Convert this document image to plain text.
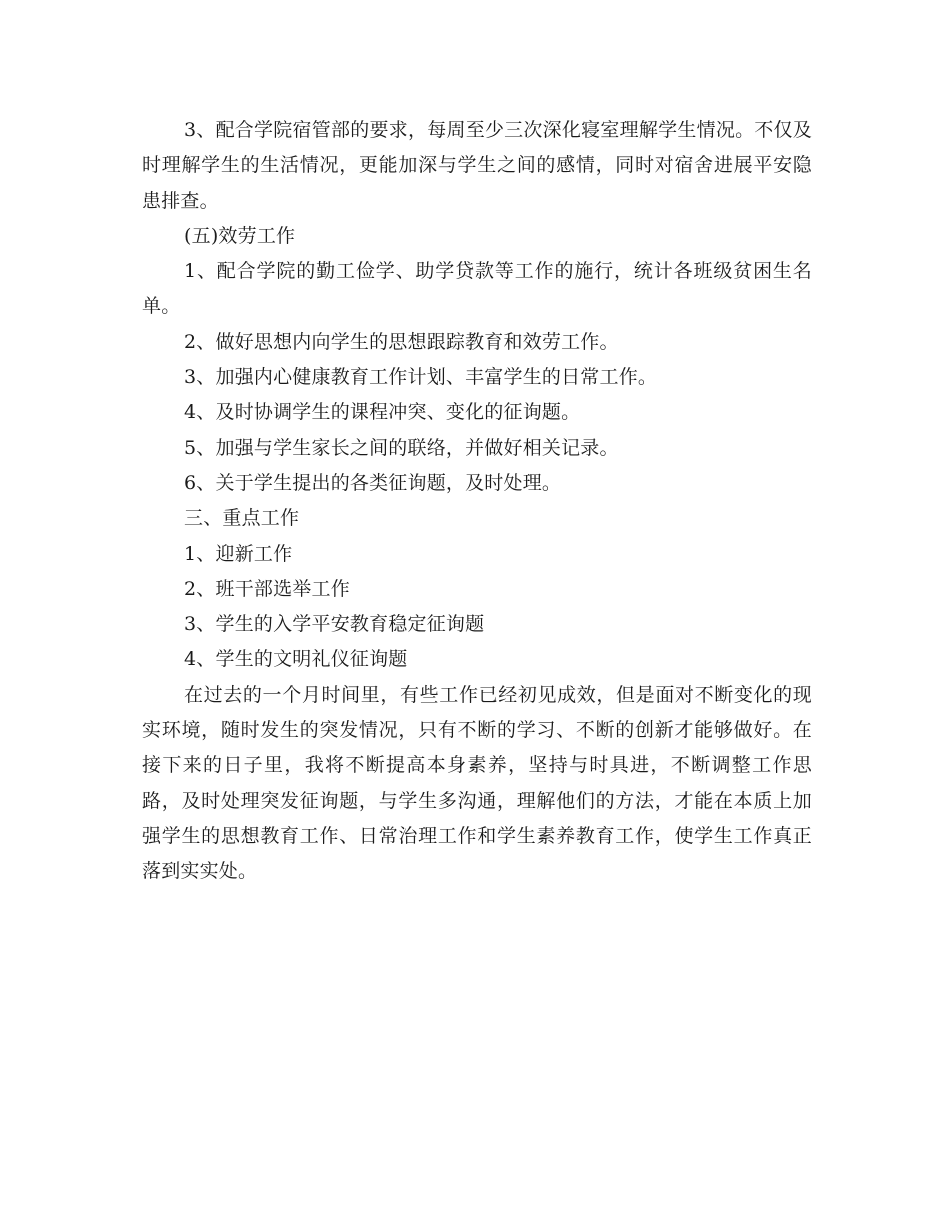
3、配合学院宿管部的要求，每周至少三次深化寝室理解学生情况。不仅及时理解学生的生活情况，更能加深与学生之间的感情，同时对宿舍进展平安隐患排查。

(五)效劳工作

1、配合学院的勤工俭学、助学贷款等工作的施行，统计各班级贫困生名单。

2、做好思想内向学生的思想跟踪教育和效劳工作。

3、加强内心健康教育工作计划、丰富学生的日常工作。

4、及时协调学生的课程冲突、变化的征询题。

5、加强与学生家长之间的联络，并做好相关记录。

6、关于学生提出的各类征询题，及时处理。

三、重点工作

1、迎新工作

2、班干部选举工作

3、学生的入学平安教育稳定征询题

4、学生的文明礼仪征询题

在过去的一个月时间里，有些工作已经初见成效，但是面对不断变化的现实环境，随时发生的突发情况，只有不断的学习、不断的创新才能够做好。在接下来的日子里，我将不断提高本身素养，坚持与时具进，不断调整工作思路，及时处理突发征询题，与学生多沟通，理解他们的方法，才能在本质上加强学生的思想教育工作、日常治理工作和学生素养教育工作，使学生工作真正落到实实处。
